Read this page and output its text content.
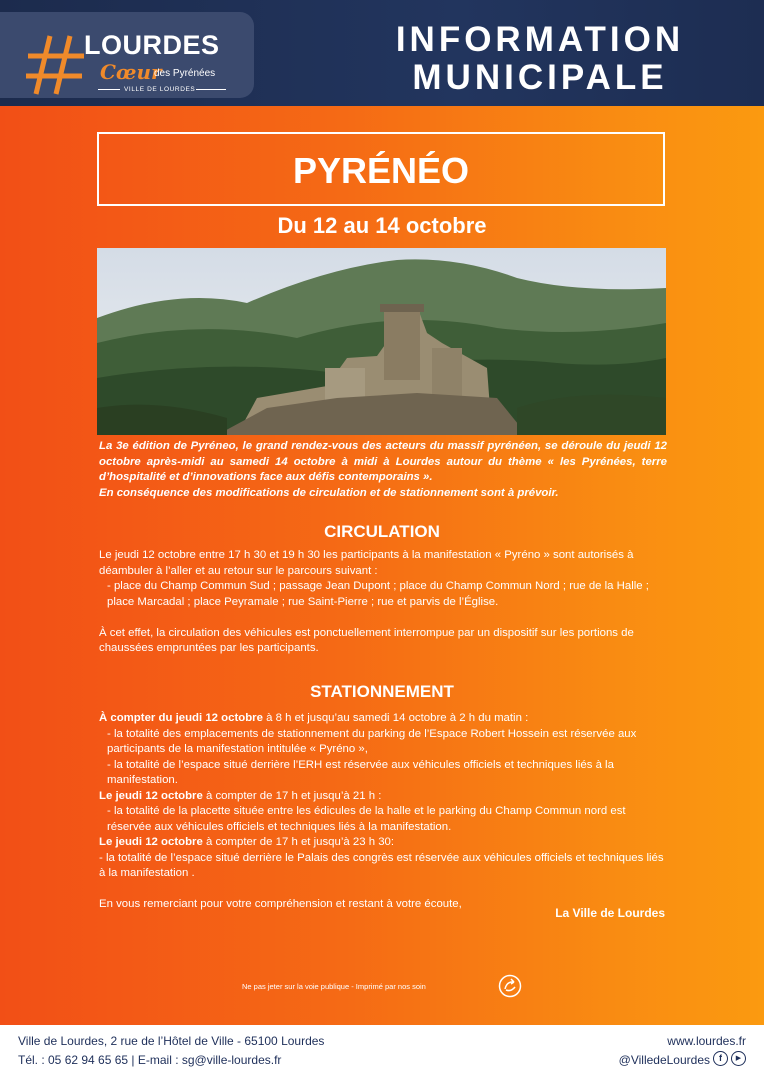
LOURDES
Cœur
des Pyrénées
VILLE DE LOURDES
INFORMATION
MUNICIPALE
PYRÉNÉO
Du 12 au 14 octobre
La 3e édition de Pyréneo, le grand rendez-vous des acteurs du massif pyrénéen, se déroule du jeudi 12 octobre après-midi au samedi 14 octobre à midi à Lourdes autour du thème « les Pyrénées, terre d’hospitalité et d’innovations face aux défis contemporains ».
En conséquence des modifications de circulation et de stationnement sont à prévoir.
CIRCULATION

Le jeudi 12 octobre entre 17 h 30 et 19 h 30 les participants à la manifestation « Pyréno » sont autorisés à déambuler à l’aller et au retour sur le parcours suivant :

- place du Champ Commun Sud ; passage Jean Dupont ; place du Champ Commun Nord ; rue de la Halle ; place Marcadal ; place Peyramale ; rue Saint-Pierre ; rue et parvis de l’Église.

À cet effet, la circulation des véhicules est ponctuellement interrompue par un dispositif sur les portions de chaussées empruntées par les participants.

STATIONNEMENT

À compter du jeudi 12 octobre à 8 h et jusqu’au samedi 14 octobre à 2 h du matin :

- la totalité des emplacements de stationnement du parking de l’Espace Robert Hossein est réservée aux participants de la manifestation intitulée « Pyréno »,

- la totalité de l’espace situé derrière l’ERH est réservée aux véhicules officiels et techniques liés à la manifestation.

Le jeudi 12 octobre à compter de 17 h et jusqu’à 21 h :

- la totalité de la placette située entre les édicules de la halle et le parking du Champ Commun nord est réservée aux véhicules officiels et techniques liés à la manifestation.

Le jeudi 12 octobre à compter de 17 h et jusqu’à 23 h 30:

- la totalité de l’espace situé derrière le Palais des congrès est réservée aux véhicules officiels et techniques liés à la manifestation .

En vous remerciant pour votre compréhension et restant à votre écoute,

La Ville de Lourdes
Ne pas jeter sur la voie publique - Imprimé par nos soin
Ville de Lourdes, 2 rue de l’Hôtel de Ville - 65100 Lourdes
Tél. : 05 62 94 65 65 | E-mail : sg@ville-lourdes.fr
www.lourdes.fr
@VilledeLourdes	f	▶
